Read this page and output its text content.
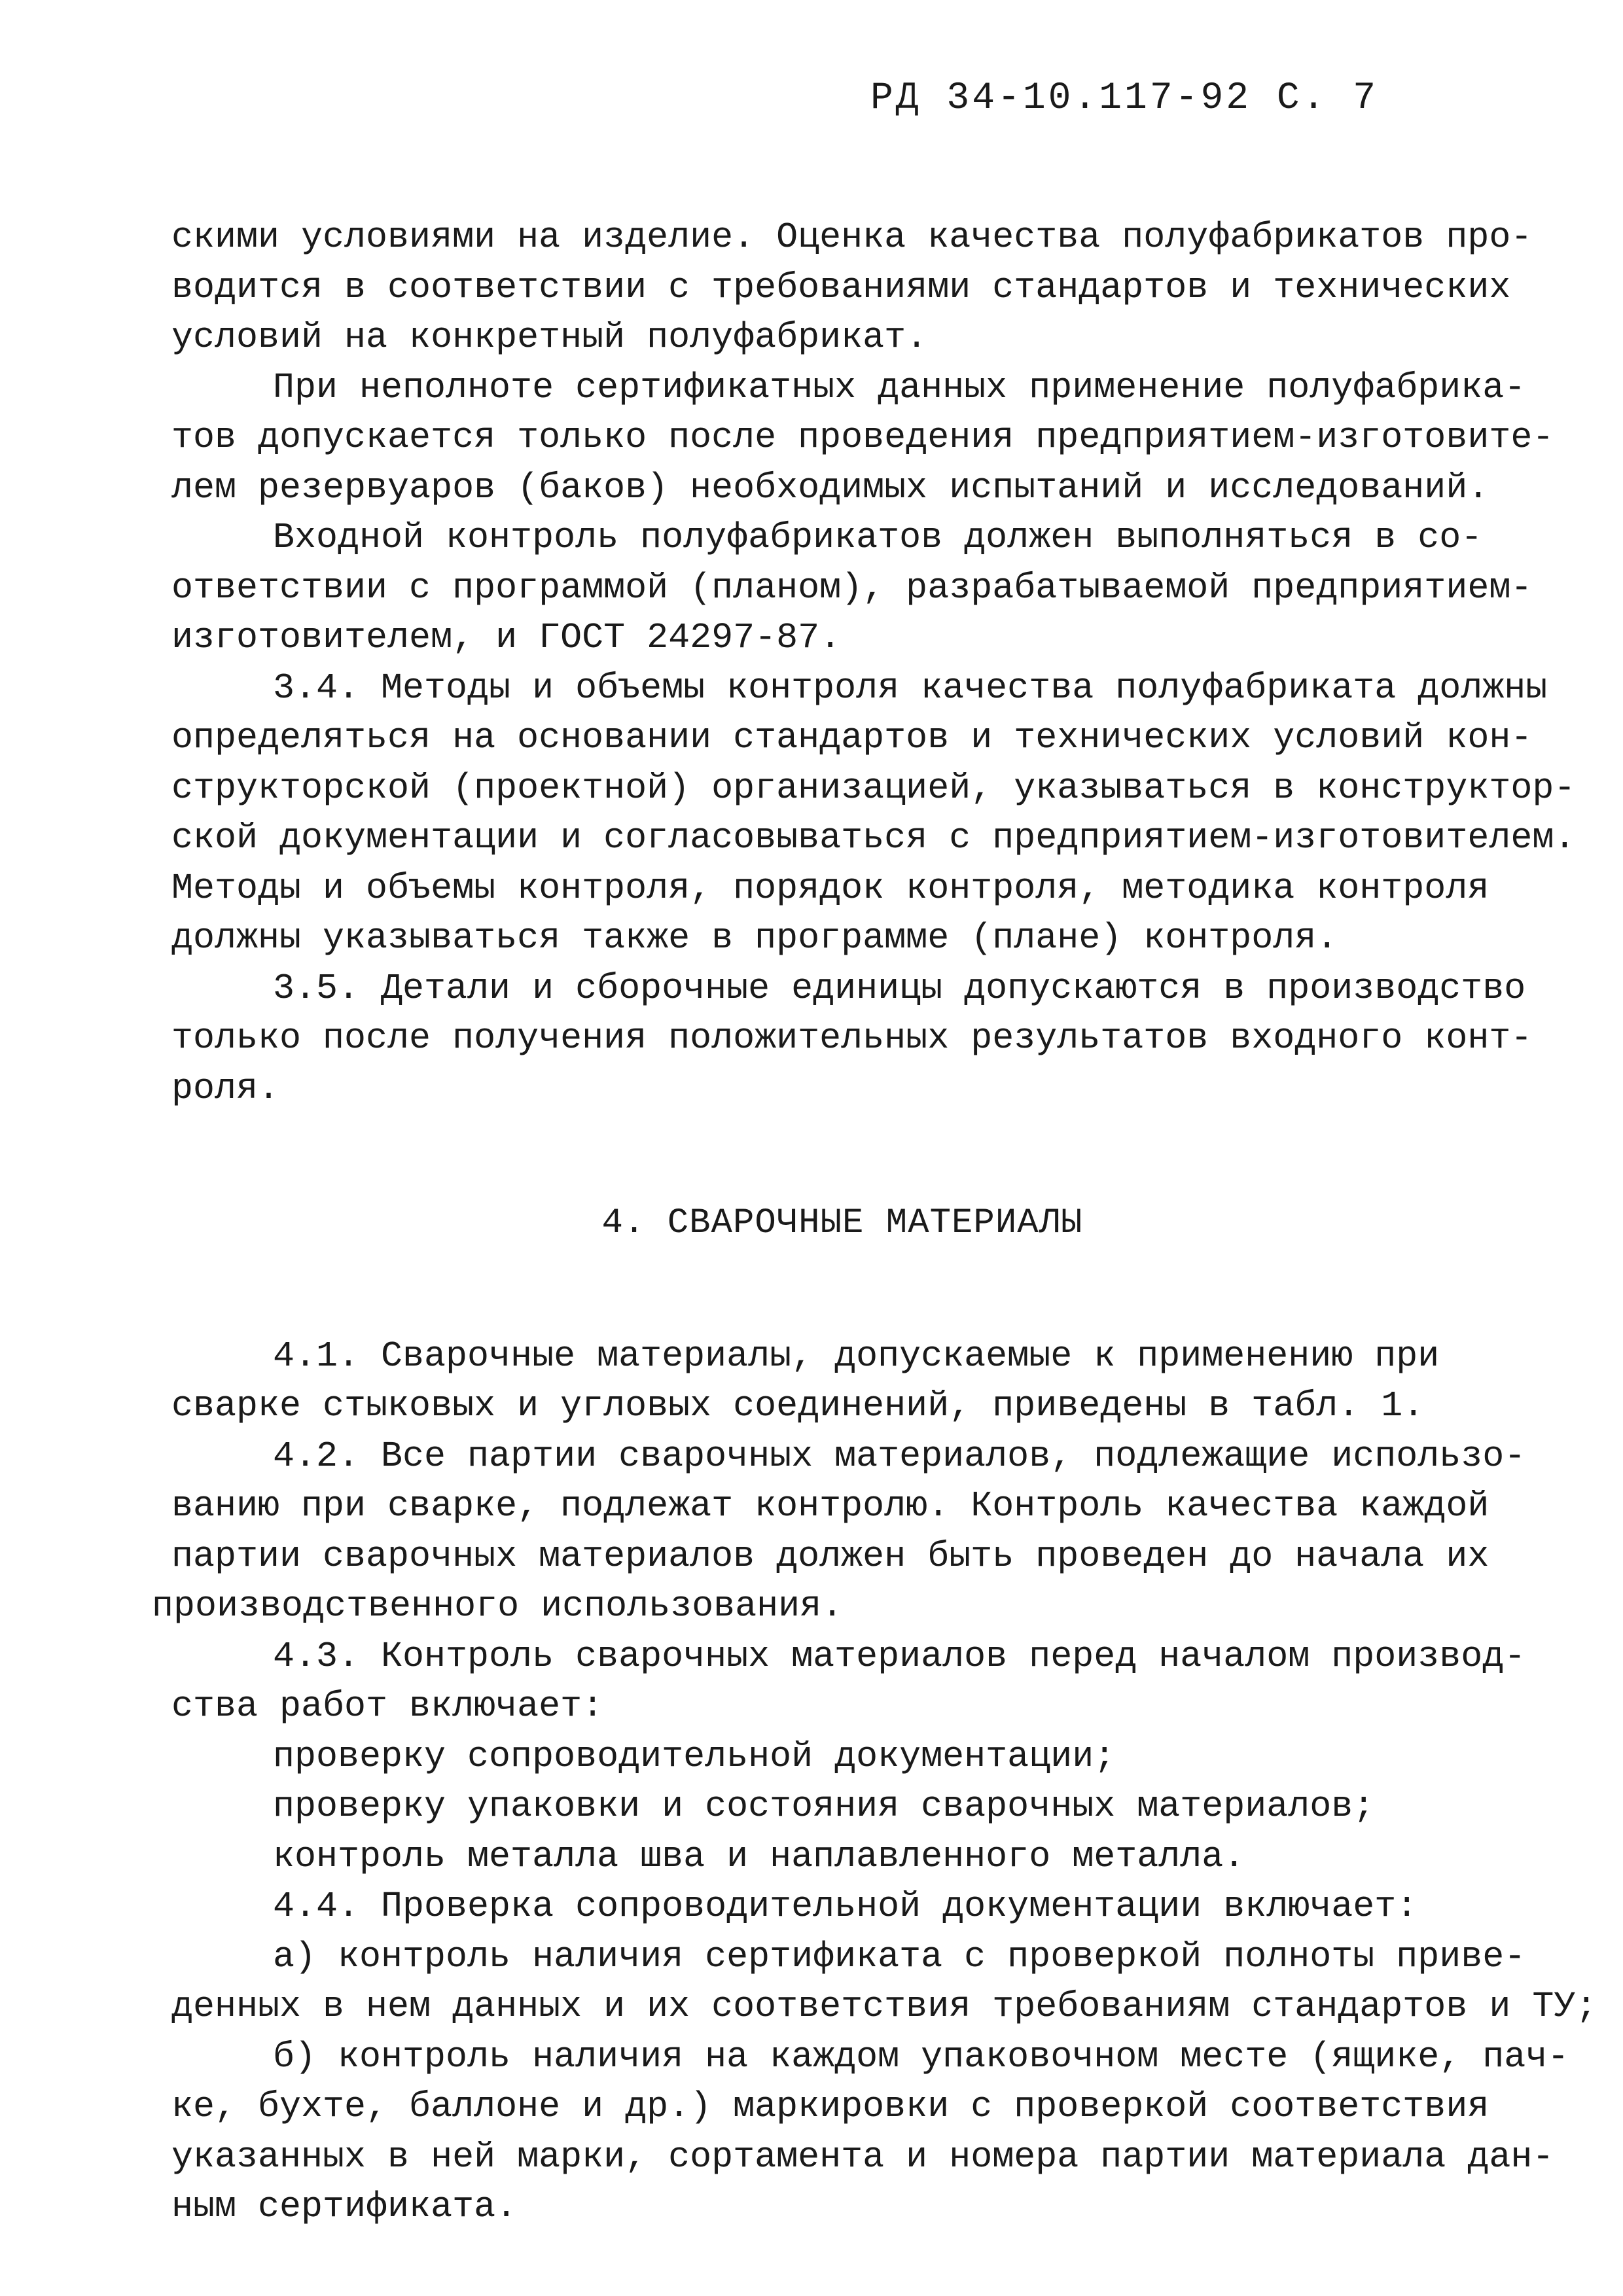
РД 34-10.117-92 С. 7
скими условиями на изделие. Оценка качества полуфабрикатов про-
водится в соответствии с требованиями стандартов и технических
условий на конкретный полуфабрикат.
При неполноте сертификатных данных применение полуфабрика-
тов допускается только после проведения предприятием-изготовите-
лем резервуаров (баков) необходимых испытаний и исследований.
Входной контроль полуфабрикатов должен выполняться в со-
ответствии с программой (планом), разрабатываемой предприятием-
изготовителем, и ГОСТ 24297-87.
3.4. Методы и объемы контроля качества полуфабриката должны
определяться на основании стандартов и технических условий кон-
структорской (проектной) организацией, указываться в конструктор-
ской документации и согласовываться с предприятием-изготовителем.
Методы и объемы контроля, порядок контроля, методика контроля
должны указываться также в программе (плане) контроля.
3.5. Детали и сборочные единицы допускаются в производство
только после получения положительных результатов входного конт-
роля.
4. СВАРОЧНЫЕ МАТЕРИАЛЫ
4.1. Сварочные материалы, допускаемые к применению при
сварке стыковых и угловых соединений, приведены в табл. 1.
4.2. Все партии сварочных материалов, подлежащие использо-
ванию при сварке, подлежат контролю. Контроль качества каждой
партии сварочных материалов должен быть проведен до начала их
производственного использования.
4.3. Контроль сварочных материалов перед началом производ-
ства работ включает:
проверку сопроводительной документации;
проверку упаковки и состояния сварочных материалов;
контроль металла шва и наплавленного металла.
4.4. Проверка сопроводительной документации включает:
а) контроль наличия сертификата с проверкой полноты приве-
денных в нем данных и их соответствия требованиям стандартов и ТУ;
б) контроль наличия на каждом упаковочном месте (ящике, пач-
ке, бухте, баллоне и др.) маркировки с проверкой соответствия
указанных в ней марки, сортамента и номера партии материала дан-
ным сертификата.
